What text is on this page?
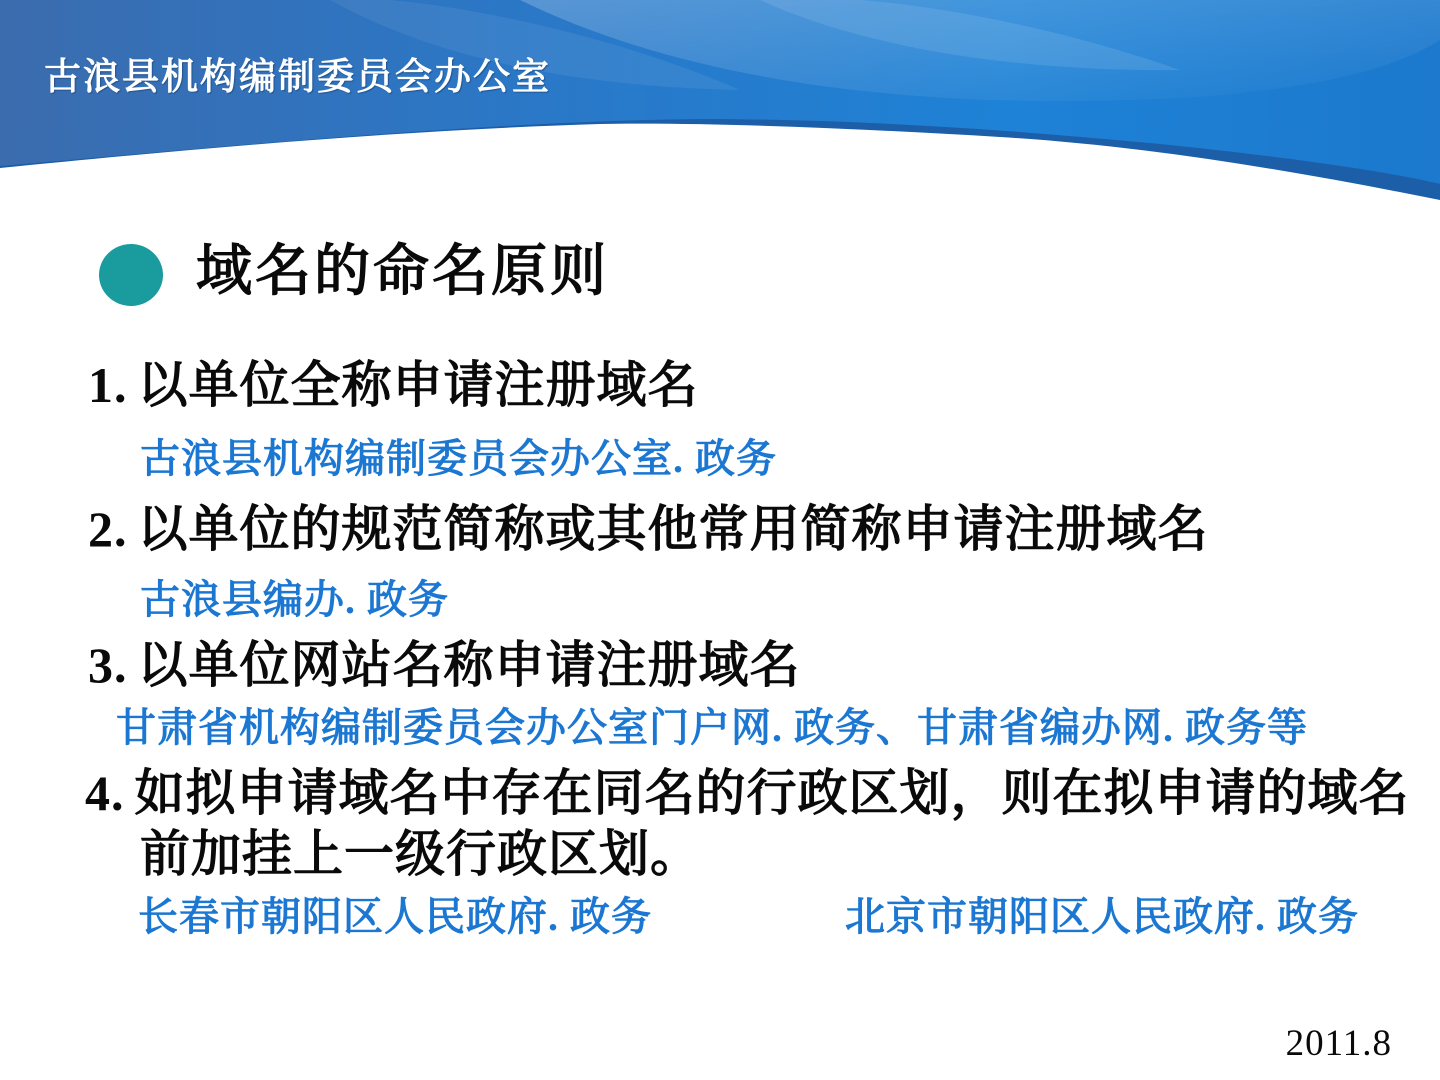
古浪县机构编制委员会办公室
域名的命名原则
1. 以单位全称申请注册域名
古浪县机构编制委员会办公室. 政务
2. 以单位的规范简称或其他常用简称申请注册域名
古浪县编办. 政务
3. 以单位网站名称申请注册域名
甘肃省机构编制委员会办公室门户网. 政务、甘肃省编办网. 政务等
4. 如拟申请域名中存在同名的行政区划，则在拟申请的域名
前加挂上一级行政区划。
长春市朝阳区人民政府. 政务	北京市朝阳区人民政府. 政务
2011.8
